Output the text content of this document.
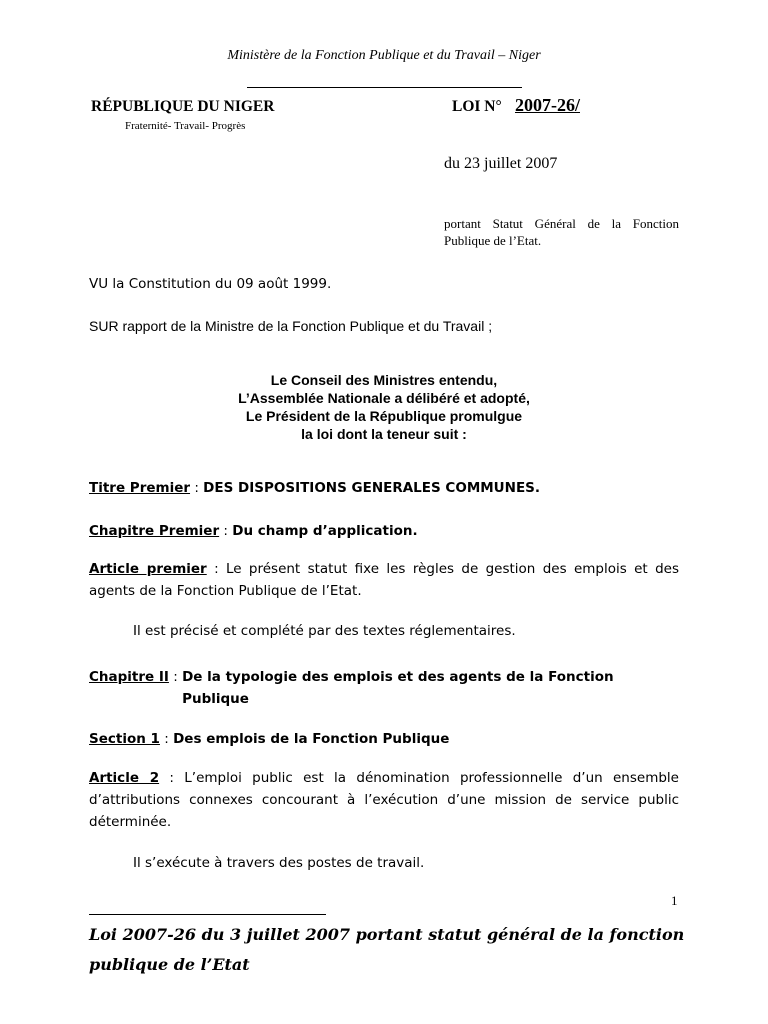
Ministère de la Fonction Publique et du Travail – Niger
RÉPUBLIQUE DU NIGER
Fraternité- Travail- Progrès
LOI N° 2007-26/
du 23 juillet 2007
portant Statut Général de la Fonction Publique de l’Etat.
VU la Constitution du 09 août 1999.
SUR rapport de la Ministre de la Fonction Publique et du Travail ;
Le Conseil des Ministres entendu,
L’Assemblée Nationale a délibéré et adopté,
Le Président de la République promulgue
la loi dont la teneur suit :
Titre Premier : DES DISPOSITIONS GENERALES COMMUNES.
Chapitre Premier : Du champ d’application.
Article premier : Le présent statut fixe les règles de gestion des emplois et des agents de la Fonction Publique de l’Etat.
Il est précisé et complété par des textes réglementaires.
Chapitre II : De la typologie des emplois et des agents de la Fonction Publique
Section 1 : Des emplois de la Fonction Publique
Article 2 : L’emploi public est la dénomination professionnelle d’un ensemble d’attributions connexes concourant à l’exécution d’une mission de service public déterminée.
Il s’exécute à travers des postes de travail.
1
Loi 2007-26 du 3 juillet 2007 portant statut général de la fonction publique de l’Etat
